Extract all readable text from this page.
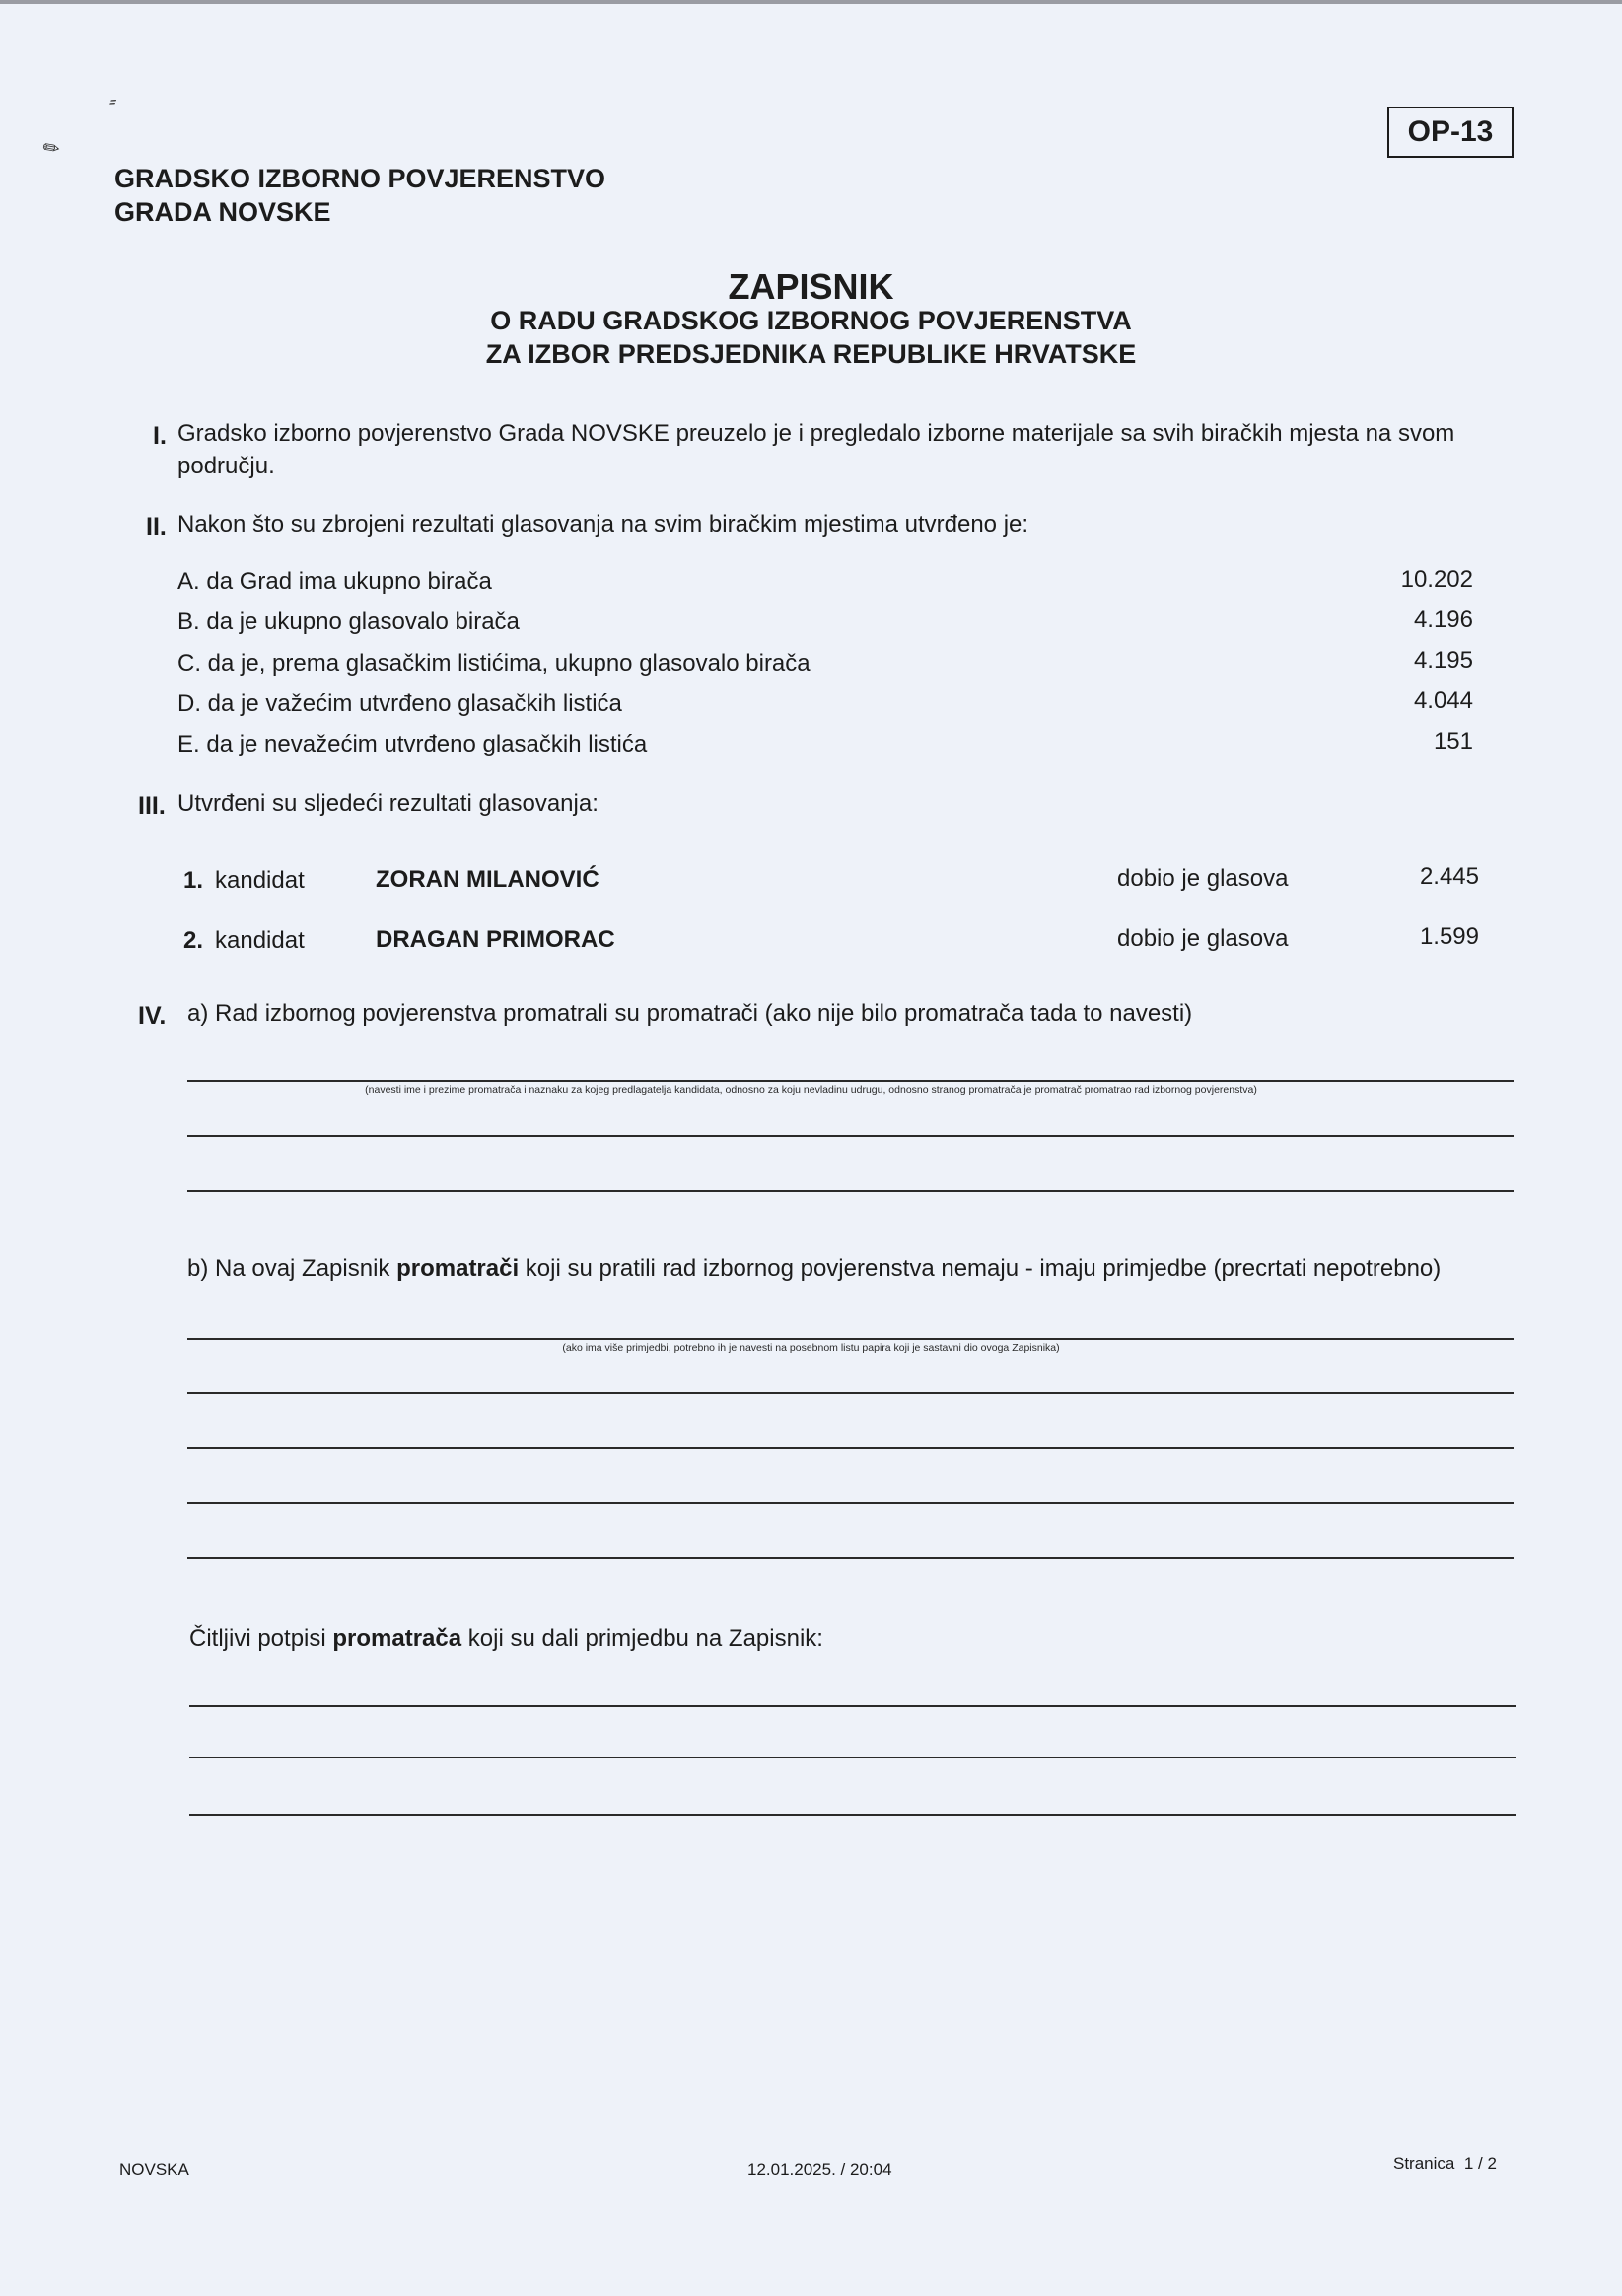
⸗
✎
OP-13
GRADSKO IZBORNO POVJERENSTVO
GRADA NOVSKE
ZAPISNIK
O RADU GRADSKOG IZBORNOG POVJERENSTVA
ZA IZBOR PREDSJEDNIKA REPUBLIKE HRVATSKE
I. Gradsko izborno povjerenstvo Grada NOVSKE preuzelo je i pregledalo izborne materijale sa svih biračkih mjesta na svom
području.
II. Nakon što su zbrojeni rezultati glasovanja na svim biračkim mjestima utvrđeno je:
A. da Grad ima ukupno birača	10.202
B. da je ukupno glasovalo birača	4.196
C. da je, prema glasačkim listićima, ukupno glasovalo birača	4.195
D. da je važećim utvrđeno glasačkih listića	4.044
E. da je nevažećim utvrđeno glasačkih listića	151
III. Utvrđeni su sljedeći rezultati glasovanja:
1. kandidat	ZORAN MILANOVIĆ	dobio je glasova	2.445
2. kandidat	DRAGAN PRIMORAC	dobio je glasova	1.599
IV. a) Rad izbornog povjerenstva promatrali su promatrači (ako nije bilo promatrača tada to navesti)
(navesti ime i prezime promatrača i naznaku za kojeg predlagatelja kandidata, odnosno za koju nevladinu udrugu, odnosno stranog promatrača je promatrač promatrao rad izbornog povjerenstva)
b) Na ovaj Zapisnik promatrači koji su pratili rad izbornog povjerenstva nemaju - imaju primjedbe (precrtati nepotrebno)
(ako ima više primjedbi, potrebno ih je navesti na posebnom listu papira koji je sastavni dio ovoga Zapisnika)
Čitljivi potpisi promatrača koji su dali primjedbu na Zapisnik:
NOVSKA	12.01.2025. / 20:04	Stranica 1 / 2
